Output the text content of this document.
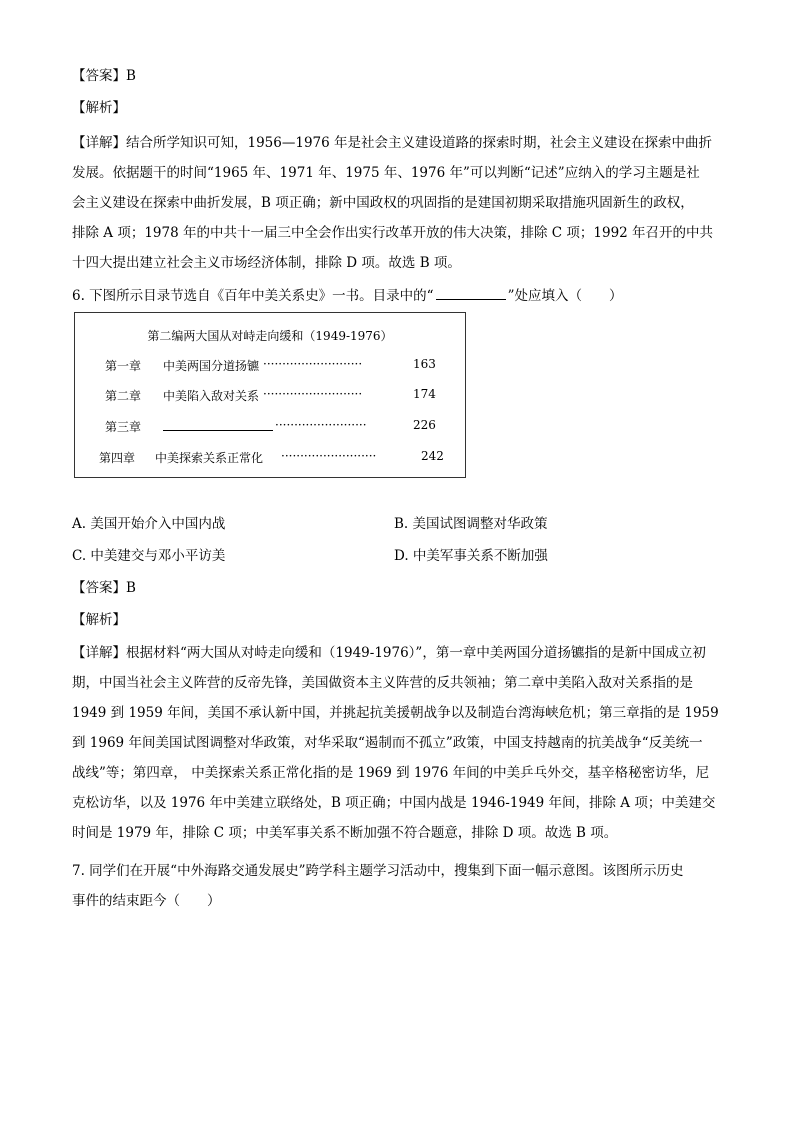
【答案】B
【解析】
【详解】结合所学知识可知，1956—1976 年是社会主义建设道路的探索时期，社会主义建设在探索中曲折
发展。依据题干的时间“1965 年、1971 年、1975 年、1976 年”可以判断“记述”应纳入的学习主题是社
会主义建设在探索中曲折发展，B 项正确；新中国政权的巩固指的是建国初期采取措施巩固新生的政权，
排除 A 项；1978 年的中共十一届三中全会作出实行改革开放的伟大决策，排除 C 项；1992 年召开的中共
十四大提出建立社会主义市场经济体制，排除 D 项。故选 B 项。
6. 下图所示目录节选自《百年中美关系史》一书。目录中的“	”处应填入（　　）
第二编两大国从对峙走向缓和（1949-1976）
第一章 中美两国分道扬镳 ··························	163
第二章 中美陷入敌对关系 ··························	174
第三章	························	226
第四章 中美探索关系正常化 ·························	242
A. 美国开始介入中国内战	B. 美国试图调整对华政策
C. 中美建交与邓小平访美	D. 中美军事关系不断加强
【答案】B
【解析】
【详解】根据材料“两大国从对峙走向缓和（1949-1976）”，第一章中美两国分道扬镳指的是新中国成立初
期，中国当社会主义阵营的反帝先锋，美国做资本主义阵营的反共领袖；第二章中美陷入敌对关系指的是
1949 到 1959 年间，美国不承认新中国，并挑起抗美援朝战争以及制造台湾海峡危机；第三章指的是 1959
到 1969 年间美国试图调整对华政策，对华采取“遏制而不孤立”政策，中国支持越南的抗美战争“反美统一
战线”等；第四章， 中美探索关系正常化指的是 1969 到 1976 年间的中美乒乓外交，基辛格秘密访华，尼
克松访华，以及 1976 年中美建立联络处，B 项正确；中国内战是 1946-1949 年间，排除 A 项；中美建交
时间是 1979 年，排除 C 项；中美军事关系不断加强不符合题意，排除 D 项。故选 B 项。
7. 同学们在开展“中外海路交通发展史”跨学科主题学习活动中，搜集到下面一幅示意图。该图所示历史
事件的结束距今（　　）
